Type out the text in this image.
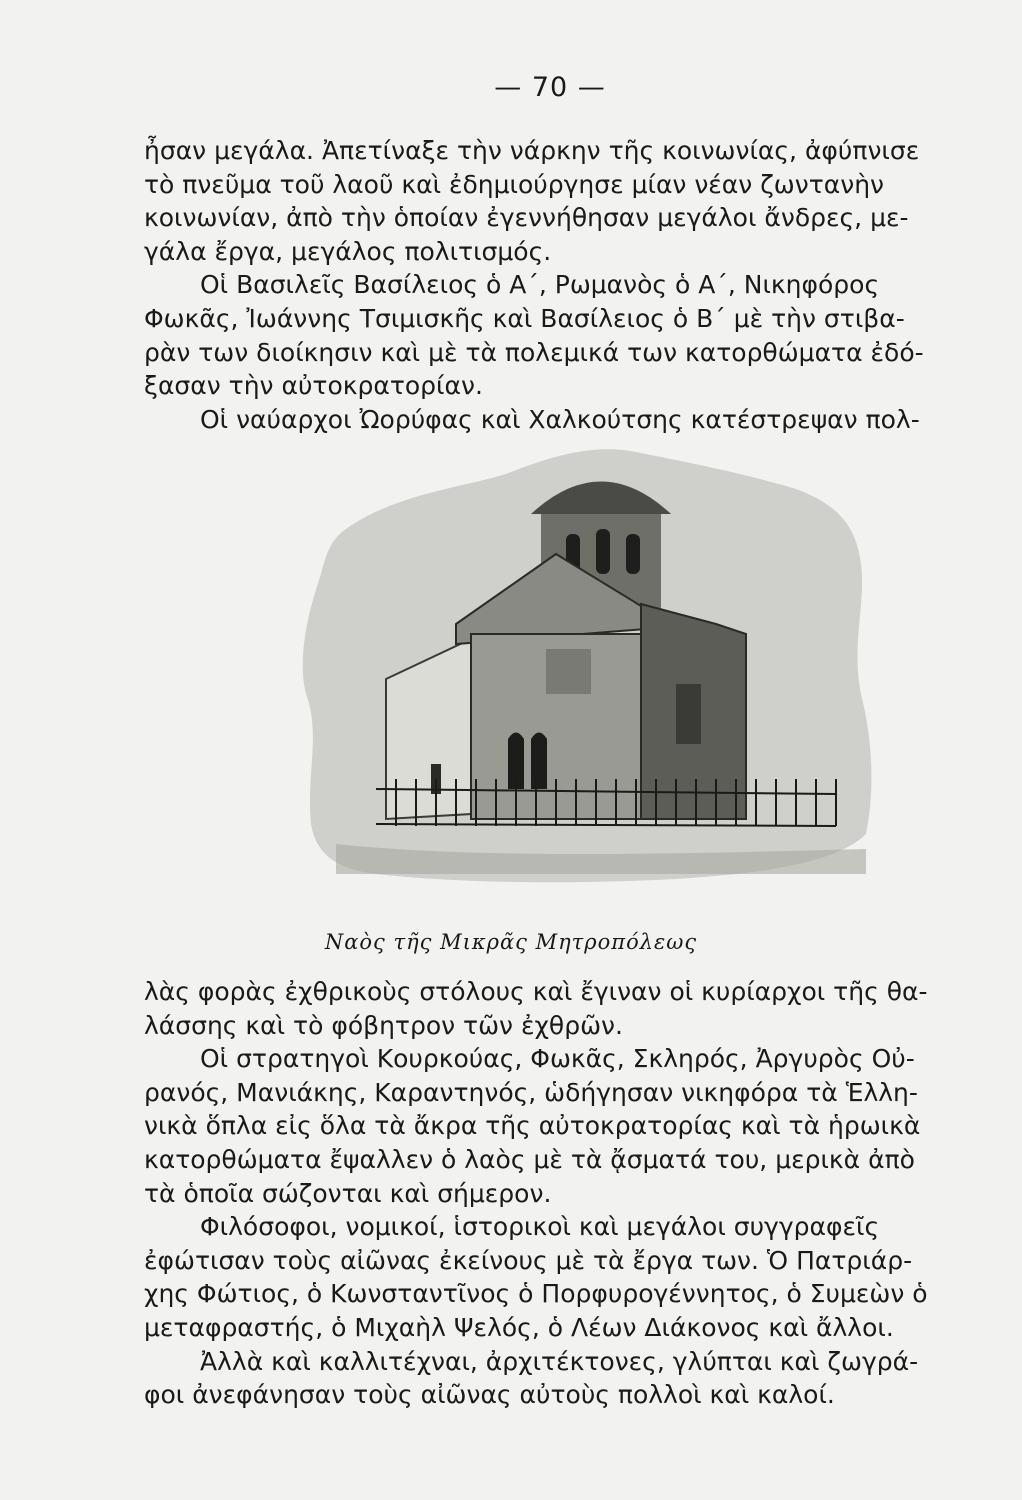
— 70 —
ἦσαν μεγάλα. Ἀπετίναξε τὴν νάρκην τῆς κοινωνίας, ἀφύπνισε
τὸ πνεῦμα τοῦ λαοῦ καὶ ἐδημιούργησε μίαν νέαν ζωντανὴν
κοινωνίαν, ἀπὸ τὴν ὁποίαν ἐγεννήθησαν μεγάλοι ἄνδρες, με-
γάλα ἔργα, μεγάλος πολιτισμός.
Οἱ Βασιλεῖς Βασίλειος ὁ Α΄, Ρωμανὸς ὁ Α΄, Νικηφόρος
Φωκᾶς, Ἰωάννης Τσιμισκῆς καὶ Βασίλειος ὁ Β΄ μὲ τὴν στιβα-
ρὰν των διοίκησιν καὶ μὲ τὰ πολεμικά των κατορθώματα ἐδό-
ξασαν τὴν αὐτοκρατορίαν.
Οἱ ναύαρχοι Ὠορύφας καὶ Χαλκούτσης κατέστρεψαν πολ-
Ναὸς τῆς Μικρᾶς Μητροπόλεως
λὰς φορὰς ἐχθρικοὺς στόλους καὶ ἔγιναν οἱ κυρίαρχοι τῆς θα-
λάσσης καὶ τὸ φόβητρον τῶν ἐχθρῶν.
Οἱ στρατηγοὶ Κουρκούας, Φωκᾶς, Σκληρός, Ἀργυρὸς Οὐ-
ρανός, Μανιάκης, Καραντηνός, ὡδήγησαν νικηφόρα τὰ Ἑλλη-
νικὰ ὅπλα εἰς ὅλα τὰ ἄκρα τῆς αὐτοκρατορίας καὶ τὰ ἡρωικὰ
κατορθώματα ἔψαλλεν ὁ λαὸς μὲ τὰ ᾄσματά του, μερικὰ ἀπὸ
τὰ ὁποῖα σώζονται καὶ σήμερον.
Φιλόσοφοι, νομικοί, ἱστορικοὶ καὶ μεγάλοι συγγραφεῖς
ἐφώτισαν τοὺς αἰῶνας ἐκείνους μὲ τὰ ἔργα των. Ὁ Πατριάρ-
χης Φώτιος, ὁ Κωνσταντῖνος ὁ Πορφυρογέννητος, ὁ Συμεὼν ὁ
μεταφραστής, ὁ Μιχαὴλ Ψελός, ὁ Λέων Διάκονος καὶ ἄλλοι.
Ἀλλὰ καὶ καλλιτέχναι, ἀρχιτέκτονες, γλύπται καὶ ζωγρά-
φοι ἀνεφάνησαν τοὺς αἰῶνας αὐτοὺς πολλοὶ καὶ καλοί.
